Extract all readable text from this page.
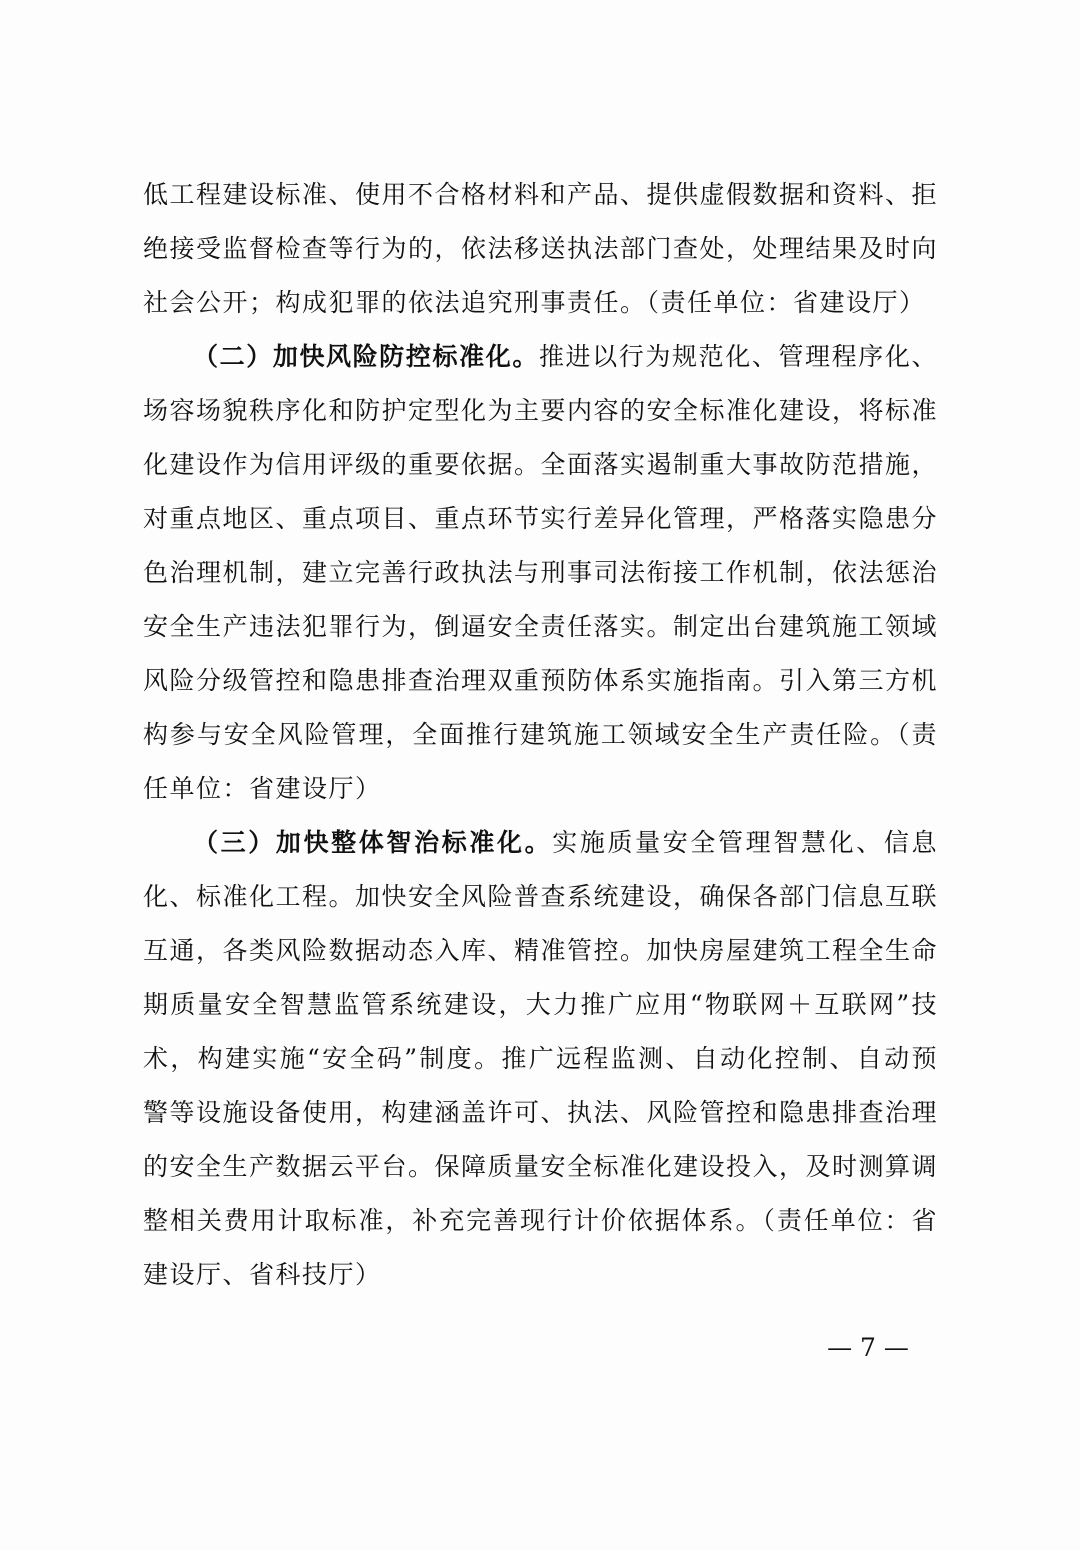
低工程建设标准、使用不合格材料和产品、提供虚假数据和资料、拒绝接受监督检查等行为的，依法移送执法部门查处，处理结果及时向社会公开；构成犯罪的依法追究刑事责任。（责任单位：省建设厅）

（二）加快风险防控标准化。推进以行为规范化、管理程序化、场容场貌秩序化和防护定型化为主要内容的安全标准化建设，将标准化建设作为信用评级的重要依据。全面落实遏制重大事故防范措施，对重点地区、重点项目、重点环节实行差异化管理，严格落实隐患分色治理机制，建立完善行政执法与刑事司法衔接工作机制，依法惩治安全生产违法犯罪行为，倒逼安全责任落实。制定出台建筑施工领域风险分级管控和隐患排查治理双重预防体系实施指南。引入第三方机构参与安全风险管理，全面推行建筑施工领域安全生产责任险。（责任单位：省建设厅）

（三）加快整体智治标准化。实施质量安全管理智慧化、信息化、标准化工程。加快安全风险普查系统建设，确保各部门信息互联互通，各类风险数据动态入库、精准管控。加快房屋建筑工程全生命期质量安全智慧监管系统建设，大力推广应用“物联网＋互联网”技术，构建实施“安全码”制度。推广远程监测、自动化控制、自动预警等设施设备使用，构建涵盖许可、执法、风险管控和隐患排查治理的安全生产数据云平台。保障质量安全标准化建设投入，及时测算调整相关费用计取标准，补充完善现行计价依据体系。（责任单位：省建设厅、省科技厅）

— 7 —
